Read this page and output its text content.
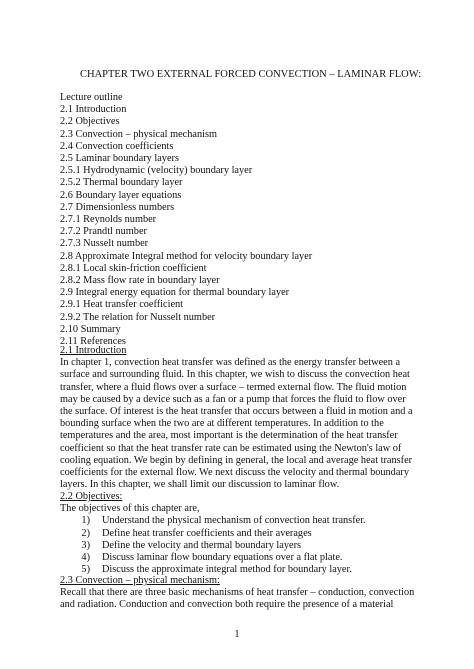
CHAPTER TWO EXTERNAL FORCED CONVECTION – LAMINAR FLOW:
Lecture outline
2.1 Introduction
2.2 Objectives
2.3 Convection – physical mechanism
2.4 Convection coefficients
2.5 Laminar boundary layers
2.5.1 Hydrodynamic (velocity) boundary layer
2.5.2 Thermal boundary layer
2.6 Boundary layer equations
2.7 Dimensionless numbers
2.7.1 Reynolds number
2.7.2 Prandtl number
2.7.3 Nusselt number
2.8 Approximate Integral method for velocity boundary layer
2.8.1 Local skin-friction coefficient
2.8.2 Mass flow rate in boundary layer
2.9 Integral energy equation for thermal boundary layer
2.9.1 Heat transfer coefficient
2.9.2 The relation for Nusselt number
2.10 Summary
2.11 References
2.1 Introduction
In chapter 1, convection heat transfer was defined as the energy transfer between a
surface and surrounding fluid. In this chapter, we wish to discuss the convection heat
transfer, where a fluid flows over a surface – termed external flow. The fluid motion
may be caused by a device such as a fan or a pump that forces the fluid to flow over
the surface. Of interest is the heat transfer that occurs between a fluid in motion and a
bounding surface when the two are at different temperatures. In addition to the
temperatures and the area, most important is the determination of the heat transfer
coefficient so that the heat transfer rate can be estimated using the Newton's law of
cooling equation. We begin by defining in general, the local and average heat transfer
coefficients for the external flow. We next discuss the velocity and thermal boundary
layers. In this chapter, we shall limit our discussion to laminar flow.
2.2 Objectives:
The objectives of this chapter are,
1) Understand the physical mechanism of convection heat transfer.
2) Define heat transfer coefficients and their averages
3) Define the velocity and thermal boundary layers
4) Discuss laminar flow boundary equations over a flat plate.
5) Discuss the approximate integral method for boundary layer.
2.3 Convection – physical mechanism:
Recall that there are three basic mechanisms of heat transfer – conduction, convection
and radiation. Conduction and convection both require the presence of a material
1
